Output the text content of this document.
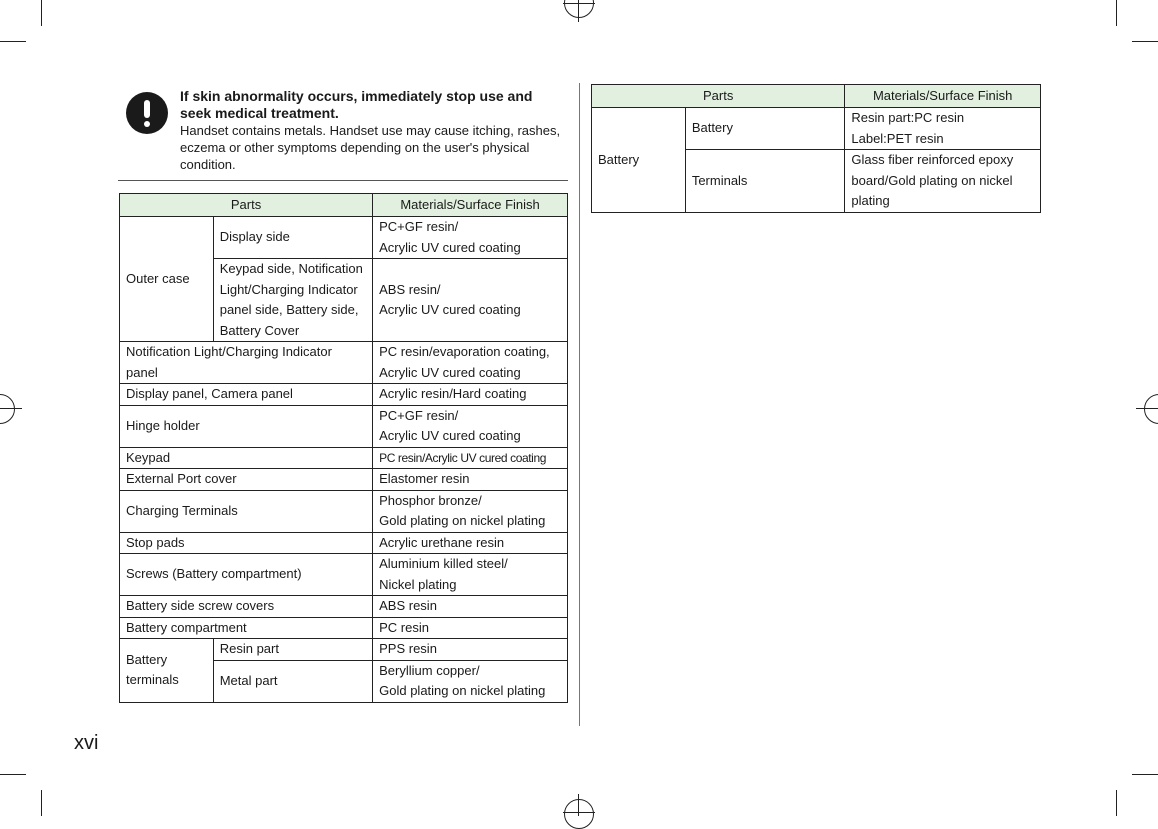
If skin abnormality occurs, immediately stop use and seek medical treatment.
Handset contains metals. Handset use may cause itching, rashes, eczema or other symptoms depending on the user's physical condition.
Parts		Materials/Surface Finish
Outer case	Display side	PC+GF resin/
Acrylic UV cured coating
	Keypad side, Notification Light/Charging Indicator panel side, Battery side, Battery Cover	ABS resin/
Acrylic UV cured coating
Notification Light/Charging Indicator panel		PC resin/evaporation coating,
Acrylic UV cured coating
Display panel, Camera panel		Acrylic resin/Hard coating
Hinge holder		PC+GF resin/
Acrylic UV cured coating
Keypad		PC resin/Acrylic UV cured coating
External Port cover		Elastomer resin
Charging Terminals		Phosphor bronze/
Gold plating on nickel plating
Stop pads		Acrylic urethane resin
Screws (Battery compartment)		Aluminium killed steel/
Nickel plating
Battery side screw covers		ABS resin
Battery compartment		PC resin
Battery
terminals	Resin part	PPS resin
	Metal part	Beryllium copper/
Gold plating on nickel plating
Parts		Materials/Surface Finish
Battery	Battery	Resin part:PC resin
Label:PET resin
	Terminals	Glass fiber reinforced epoxy board/Gold plating on nickel plating
xvi
